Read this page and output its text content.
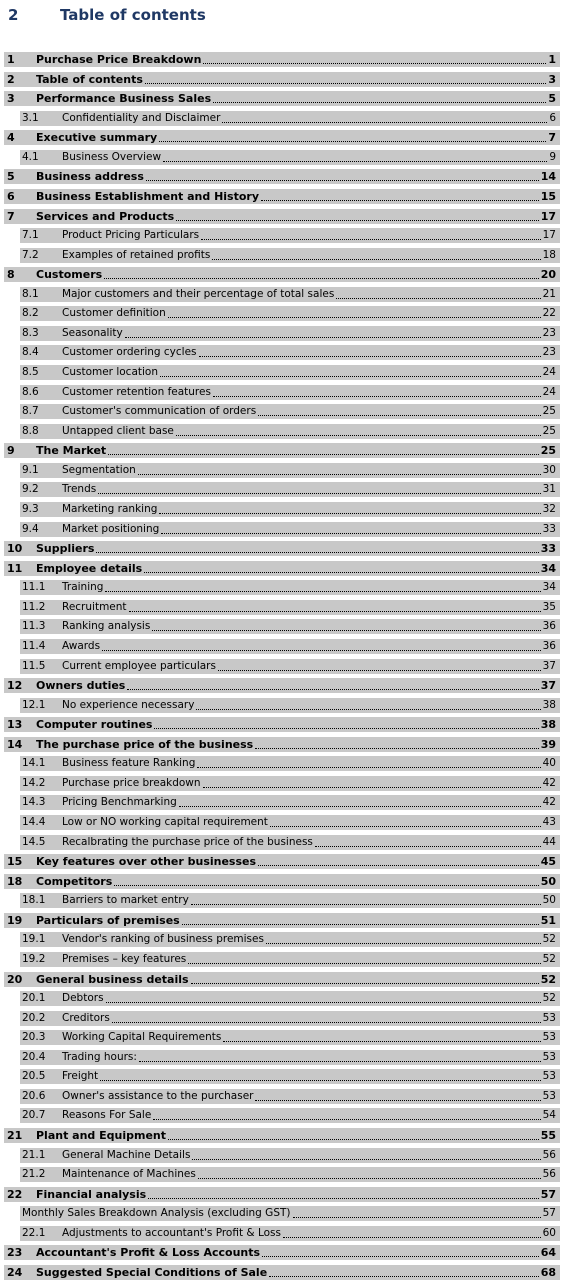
2	Table of contents
1 Purchase Price Breakdown	1
2 Table of contents	3
3 Performance Business Sales	5
3.1 Confidentiality and Disclaimer	6
4 Executive summary	7
4.1 Business Overview	9
5 Business address	14
6 Business Establishment and History	15
7 Services and Products	17
7.1 Product Pricing Particulars	17
7.2 Examples of retained profits	18
8 Customers	20
8.1 Major customers and their percentage of total sales	21
8.2 Customer definition	22
8.3 Seasonality	23
8.4 Customer ordering cycles	23
8.5 Customer location	24
8.6 Customer retention features	24
8.7 Customer's communication of orders	25
8.8 Untapped client base	25
9 The Market	25
9.1 Segmentation	30
9.2 Trends	31
9.3 Marketing ranking	32
9.4 Market positioning	33
10 Suppliers	33
11 Employee details	34
11.1 Training	34
11.2 Recruitment	35
11.3 Ranking analysis	36
11.4 Awards	36
11.5 Current employee particulars	37
12 Owners duties	37
12.1 No experience necessary	38
13 Computer routines	38
14 The purchase price of the business	39
14.1 Business feature Ranking	40
14.2 Purchase price breakdown	42
14.3 Pricing Benchmarking	42
14.4 Low or NO working capital requirement	43
14.5 Recalbrating the purchase price of the business	44
15 Key features over other businesses	45
18 Competitors	50
18.1 Barriers to market entry	50
19 Particulars of premises	51
19.1 Vendor's ranking of business premises	52
19.2 Premises – key features	52
20 General business details	52
20.1 Debtors	52
20.2 Creditors	53
20.3 Working Capital Requirements	53
20.4 Trading hours:	53
20.5 Freight	53
20.6 Owner's assistance to the purchaser	53
20.7 Reasons For Sale	54
21 Plant and Equipment	55
21.1 General Machine Details	56
21.2 Maintenance of Machines	56
22 Financial analysis	57
Monthly Sales Breakdown Analysis (excluding GST)	57
22.1 Adjustments to accountant's Profit & Loss	60
23 Accountant's Profit & Loss Accounts	64
24 Suggested Special Conditions of Sale	68
